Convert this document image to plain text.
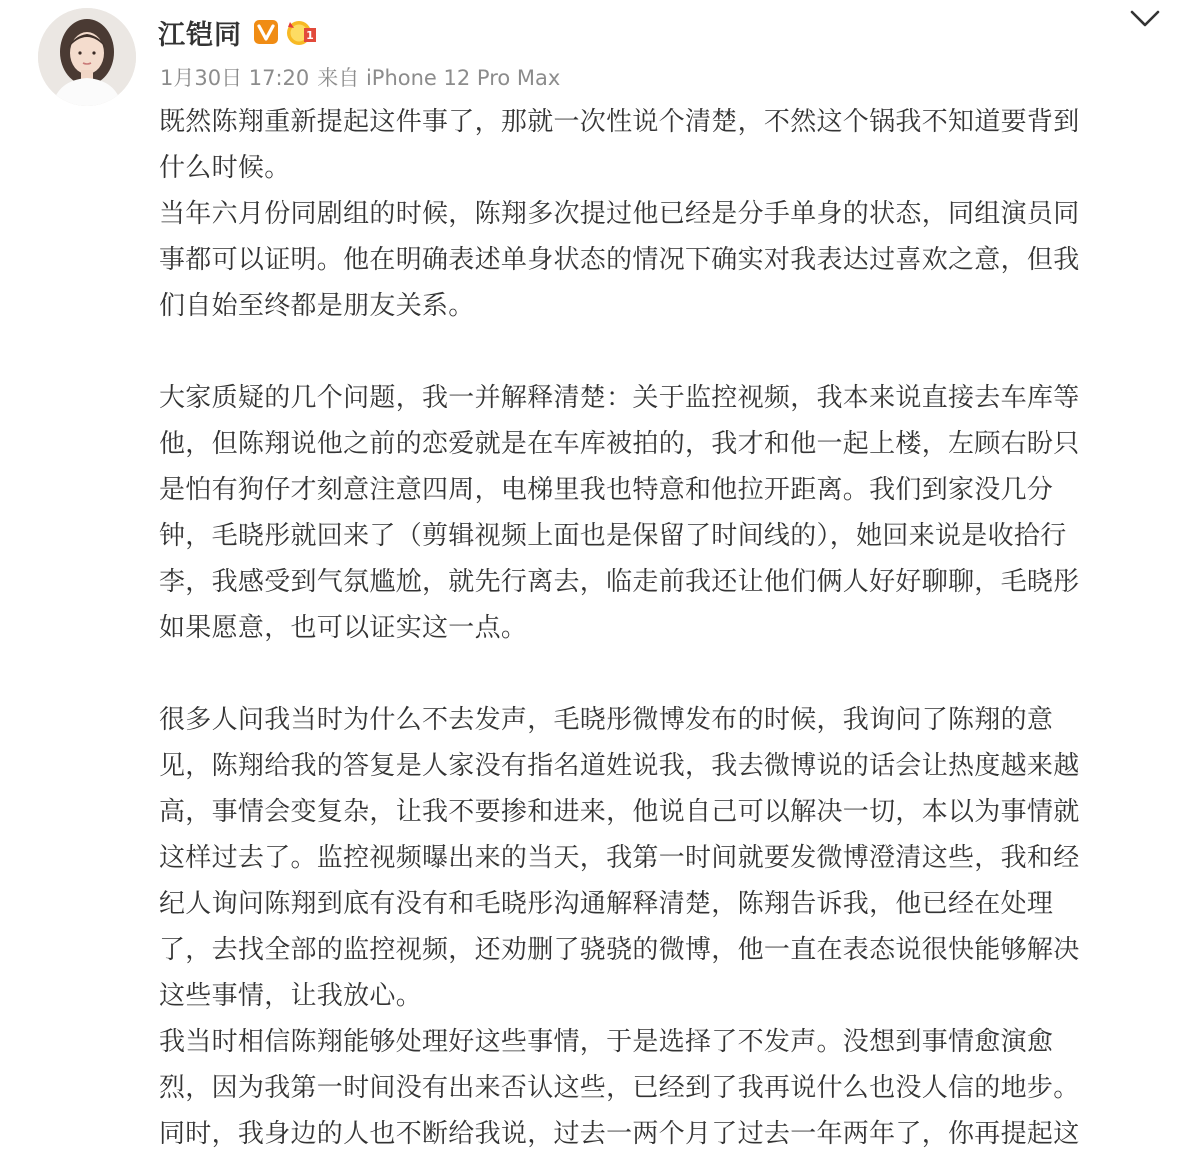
江铠同	1
1月30日 17:20 来自 iPhone 12 Pro Max

既然陈翔重新提起这件事了，那就一次性说个清楚，不然这个锅我不知道要背到

什么时候。

当年六月份同剧组的时候，陈翔多次提过他已经是分手单身的状态，同组演员同

事都可以证明。他在明确表述单身状态的情况下确实对我表达过喜欢之意，但我

们自始至终都是朋友关系。

大家质疑的几个问题，我一并解释清楚：关于监控视频，我本来说直接去车库等

他，但陈翔说他之前的恋爱就是在车库被拍的，我才和他一起上楼，左顾右盼只

是怕有狗仔才刻意注意四周，电梯里我也特意和他拉开距离。我们到家没几分

钟，毛晓彤就回来了（剪辑视频上面也是保留了时间线的），她回来说是收拾行

李，我感受到气氛尴尬，就先行离去，临走前我还让他们俩人好好聊聊，毛晓彤

如果愿意，也可以证实这一点。

很多人问我当时为什么不去发声，毛晓彤微博发布的时候，我询问了陈翔的意

见，陈翔给我的答复是人家没有指名道姓说我，我去微博说的话会让热度越来越

高，事情会变复杂，让我不要掺和进来，他说自己可以解决一切，本以为事情就

这样过去了。监控视频曝出来的当天，我第一时间就要发微博澄清这些，我和经

纪人询问陈翔到底有没有和毛晓彤沟通解释清楚，陈翔告诉我，他已经在处理

了，去找全部的监控视频，还劝删了骁骁的微博，他一直在表态说很快能够解决

这些事情，让我放心。

我当时相信陈翔能够处理好这些事情，于是选择了不发声。没想到事情愈演愈

烈，因为我第一时间没有出来否认这些，已经到了我再说什么也没人信的地步。

同时，我身边的人也不断给我说，过去一两个月了过去一年两年了，你再提起这
